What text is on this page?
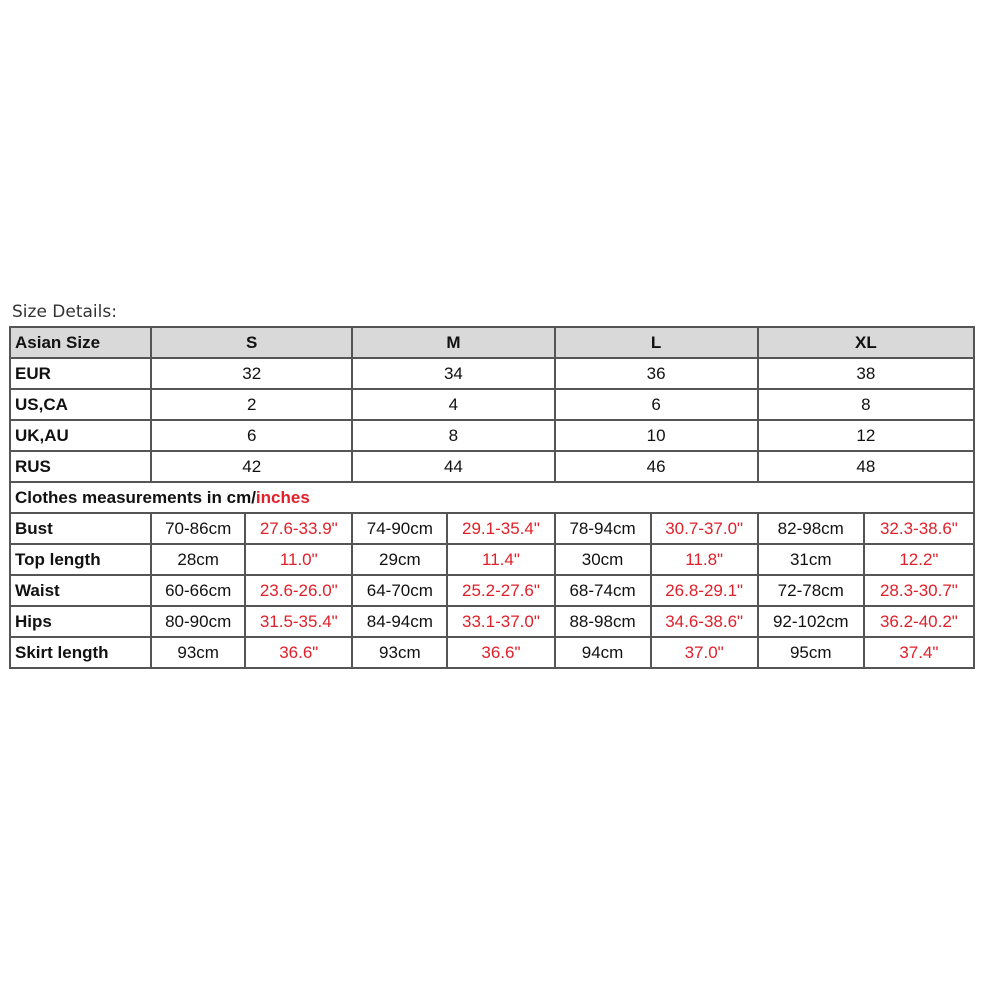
Size Details:
Asian Size	S		M		L		XL	
EUR	32		34		36		38	
US,CA	2		4		6		8	
UK,AU	6		8		10		12	
RUS	42		44		46		48	
Clothes measurements in cm/inches								
Bust	70-86cm	27.6-33.9"	74-90cm	29.1-35.4"	78-94cm	30.7-37.0"	82-98cm	32.3-38.6"
Top length	28cm	11.0"	29cm	11.4"	30cm	11.8"	31cm	12.2"
Waist	60-66cm	23.6-26.0"	64-70cm	25.2-27.6"	68-74cm	26.8-29.1"	72-78cm	28.3-30.7"
Hips	80-90cm	31.5-35.4"	84-94cm	33.1-37.0"	88-98cm	34.6-38.6"	92-102cm	36.2-40.2"
Skirt length	93cm	36.6"	93cm	36.6"	94cm	37.0"	95cm	37.4"
